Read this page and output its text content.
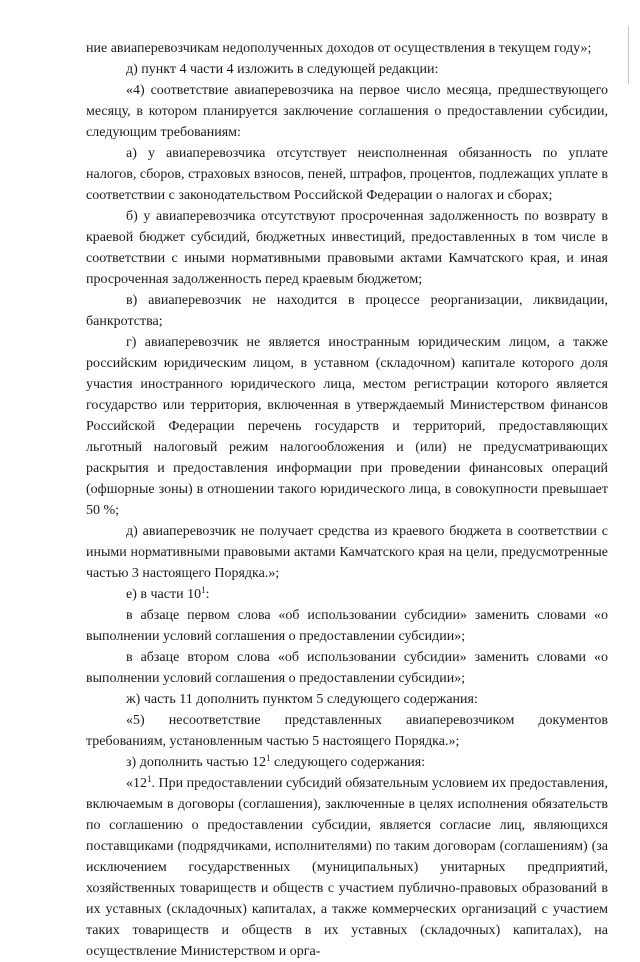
ние авиаперевозчикам недополученных доходов от осуществления в текущем году»;

д) пункт 4 части 4 изложить в следующей редакции:

«4) соответствие авиаперевозчика на первое число месяца, предшествующего месяцу, в котором планируется заключение соглашения о предоставлении субсидии, следующим требованиям:

а) у авиаперевозчика отсутствует неисполненная обязанность по уплате налогов, сборов, страховых взносов, пеней, штрафов, процентов, подлежащих уплате в соответствии с законодательством Российской Федерации о налогах и сборах;

б) у авиаперевозчика отсутствуют просроченная задолженность по возврату в краевой бюджет субсидий, бюджетных инвестиций, предоставленных в том числе в соответствии с иными нормативными правовыми актами Камчатского края, и иная просроченная задолженность перед краевым бюджетом;

в) авиаперевозчик не находится в процессе реорганизации, ликвидации, банкротства;

г) авиаперевозчик не является иностранным юридическим лицом, а также российским юридическим лицом, в уставном (складочном) капитале которого доля участия иностранного юридического лица, местом регистрации которого является государство или территория, включенная в утверждаемый Министерством финансов Российской Федерации перечень государств и территорий, предоставляющих льготный налоговый режим налогообложения и (или) не предусматривающих раскрытия и предоставления информации при проведении финансовых операций (офшорные зоны) в отношении такого юридического лица, в совокупности превышает 50 %;

д) авиаперевозчик не получает средства из краевого бюджета в соответствии с иными нормативными правовыми актами Камчатского края на цели, предусмотренные частью 3 настоящего Порядка.»;

е) в части $10^1$:

в абзаце первом слова «об использовании субсидии» заменить словами «о выполнении условий соглашения о предоставлении субсидии»;

в абзаце втором слова «об использовании субсидии» заменить словами «о выполнении условий соглашения о предоставлении субсидии»;

ж) часть 11 дополнить пунктом 5 следующего содержания:

«5) несоответствие представленных авиаперевозчиком документов требованиям, установленным частью 5 настоящего Порядка.»;

з) дополнить частью $12^1$ следующего содержания:

«$12^1$. При предоставлении субсидий обязательным условием их предоставления, включаемым в договоры (соглашения), заключенные в целях исполнения обязательств по соглашению о предоставлении субсидии, является согласие лиц, являющихся поставщиками (подрядчиками, исполнителями) по таким договорам (соглашениям) (за исключением государственных (муниципальных) унитарных предприятий, хозяйственных товариществ и обществ с участием публично-правовых образований в их уставных (складочных) капиталах, а также коммерческих организаций с участием таких товариществ и обществ в их уставных (складочных) капиталах), на осуществление Министерством и орга-
